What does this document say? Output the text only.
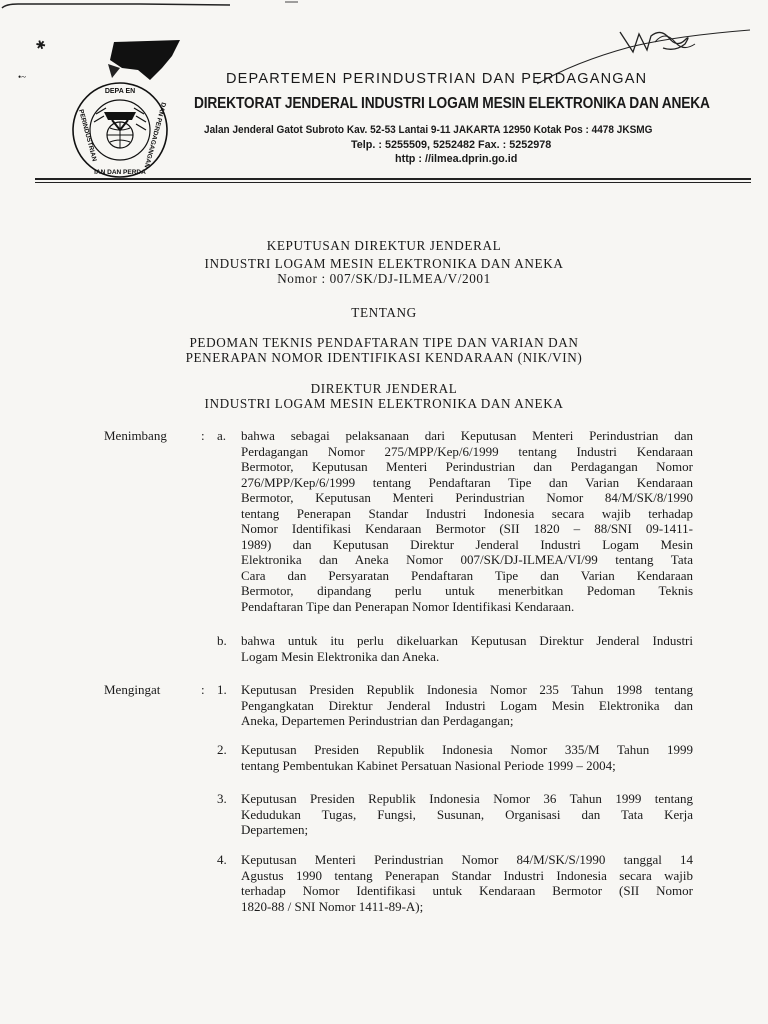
✱
•~
DEPA EN
PERINDUSTRIAN	DAN PERDAGANGAN
IAN DAN PERDA
DEPARTEMEN PERINDUSTRIAN DAN PERDAGANGAN
DIREKTORAT JENDERAL INDUSTRI LOGAM MESIN ELEKTRONIKA DAN ANEKA
Jalan Jenderal Gatot Subroto Kav. 52-53 Lantai 9-11 JAKARTA 12950 Kotak Pos : 4478 JKSMG
Telp. : 5255509, 5252482 Fax. : 5252978
http : //ilmea.dprin.go.id
KEPUTUSAN DIREKTUR JENDERAL
INDUSTRI LOGAM MESIN ELEKTRONIKA DAN ANEKA
Nomor : 007/SK/DJ-ILMEA/V/2001
TENTANG
PEDOMAN TEKNIS PENDAFTARAN TIPE DAN VARIAN DAN
PENERAPAN NOMOR IDENTIFIKASI KENDARAAN (NIK/VIN)
DIREKTUR JENDERAL
INDUSTRI LOGAM MESIN ELEKTRONIKA DAN ANEKA
Menimbang	: a. bahwa sebagai pelaksanaan dari Keputusan Menteri Perindustrian dan
Perdagangan Nomor 275/MPP/Kep/6/1999 tentang Industri Kendaraan
Bermotor, Keputusan Menteri Perindustrian dan Perdagangan Nomor
276/MPP/Kep/6/1999 tentang Pendaftaran Tipe dan Varian Kendaraan
Bermotor, Keputusan Menteri Perindustrian Nomor 84/M/SK/8/1990
tentang Penerapan Standar Industri Indonesia secara wajib terhadap
Nomor Identifikasi Kendaraan Bermotor (SII 1820 – 88/SNI 09-1411-
1989) dan Keputusan Direktur Jenderal Industri Logam Mesin
Elektronika dan Aneka Nomor 007/SK/DJ-ILMEA/VI/99 tentang Tata
Cara dan Persyaratan Pendaftaran Tipe dan Varian Kendaraan
Bermotor, dipandang perlu untuk menerbitkan Pedoman Teknis
Pendaftaran Tipe dan Penerapan Nomor Identifikasi Kendaraan.
b. bahwa untuk itu perlu dikeluarkan Keputusan Direktur Jenderal Industri
Logam Mesin Elektronika dan Aneka.
Mengingat	: 1. Keputusan Presiden Republik Indonesia Nomor 235 Tahun 1998 tentang
Pengangkatan Direktur Jenderal Industri Logam Mesin Elektronika dan
Aneka, Departemen Perindustrian dan Perdagangan;
2. Keputusan Presiden Republik Indonesia Nomor 335/M Tahun 1999
tentang Pembentukan Kabinet Persatuan Nasional Periode 1999 – 2004;
3. Keputusan Presiden Republik Indonesia Nomor 36 Tahun 1999 tentang
Kedudukan Tugas, Fungsi, Susunan, Organisasi dan Tata Kerja
Departemen;
4. Keputusan Menteri Perindustrian Nomor 84/M/SK/S/1990 tanggal 14
Agustus 1990 tentang Penerapan Standar Industri Indonesia secara wajib
terhadap Nomor Identifikasi untuk Kendaraan Bermotor (SII Nomor
1820-88 / SNI Nomor 1411-89-A);
